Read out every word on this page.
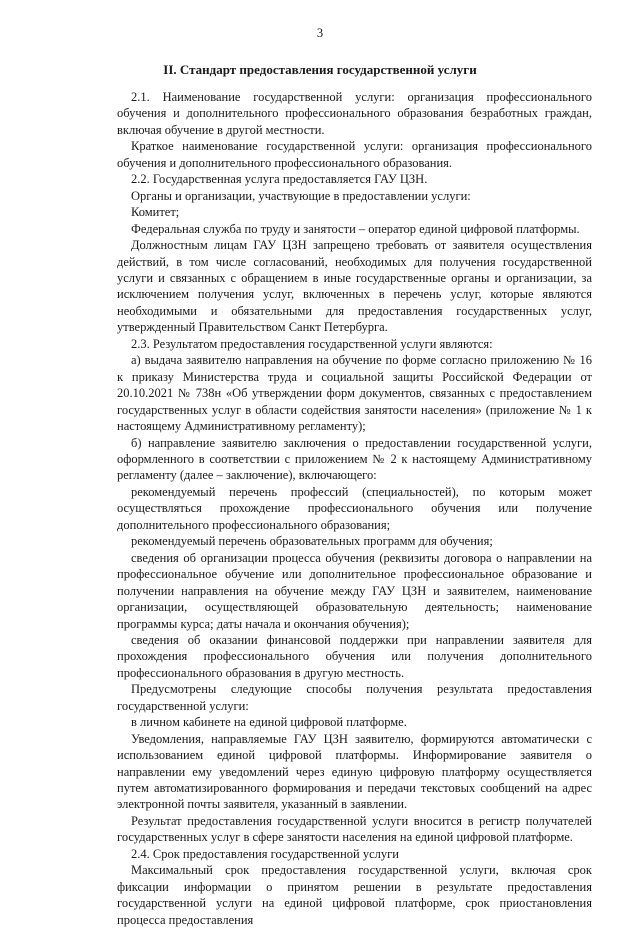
3
II. Стандарт предоставления государственной услуги

2.1. Наименование государственной услуги: организация профессионального обучения и дополнительного профессионального образования безработных граждан, включая обучение в другой местности.

Краткое наименование государственной услуги: организация профессионального обучения и дополнительного профессионального образования.

2.2. Государственная услуга предоставляется ГАУ ЦЗН.

Органы и организации, участвующие в предоставлении услуги:

Комитет;

Федеральная служба по труду и занятости – оператор единой цифровой платформы.

Должностным лицам ГАУ ЦЗН запрещено требовать от заявителя осуществления действий, в том числе согласований, необходимых для получения государственной услуги и связанных с обращением в иные государственные органы и организации, за исключением получения услуг, включенных в перечень услуг, которые являются необходимыми и обязательными для предоставления государственных услуг, утвержденный Правительством Санкт Петербурга.

2.3. Результатом предоставления государственной услуги являются:

а) выдача заявителю направления на обучение по форме согласно приложению № 16 к приказу Министерства труда и социальной защиты Российской Федерации от 20.10.2021 № 738н «Об утверждении форм документов, связанных с предоставлением государственных услуг в области содействия занятости населения» (приложение № 1 к настоящему Административному регламенту);

б) направление заявителю заключения о предоставлении государственной услуги, оформленного в соответствии с приложением № 2 к настоящему Административному регламенту (далее – заключение), включающего:

рекомендуемый перечень профессий (специальностей), по которым может осуществляться прохождение профессионального обучения или получение дополнительного профессионального образования;

рекомендуемый перечень образовательных программ для обучения;

сведения об организации процесса обучения (реквизиты договора о направлении на профессиональное обучение или дополнительное профессиональное образование и получении направления на обучение между ГАУ ЦЗН и заявителем, наименование организации, осуществляющей образовательную деятельность; наименование программы курса; даты начала и окончания обучения);

сведения об оказании финансовой поддержки при направлении заявителя для прохождения профессионального обучения или получения дополнительного профессионального образования в другую местность.

Предусмотрены следующие способы получения результата предоставления государственной услуги:

в личном кабинете на единой цифровой платформе.

Уведомления, направляемые ГАУ ЦЗН заявителю, формируются автоматически с использованием единой цифровой платформы. Информирование заявителя о направлении ему уведомлений через единую цифровую платформу осуществляется путем автоматизированного формирования и передачи текстовых сообщений на адрес электронной почты заявителя, указанный в заявлении.

Результат предоставления государственной услуги вносится в регистр получателей государственных услуг в сфере занятости населения на единой цифровой платформе.

2.4. Срок предоставления государственной услуги

Максимальный срок предоставления государственной услуги, включая срок фиксации информации о принятом решении в результате предоставления государственной услуги на единой цифровой платформе, срок приостановления процесса предоставления
